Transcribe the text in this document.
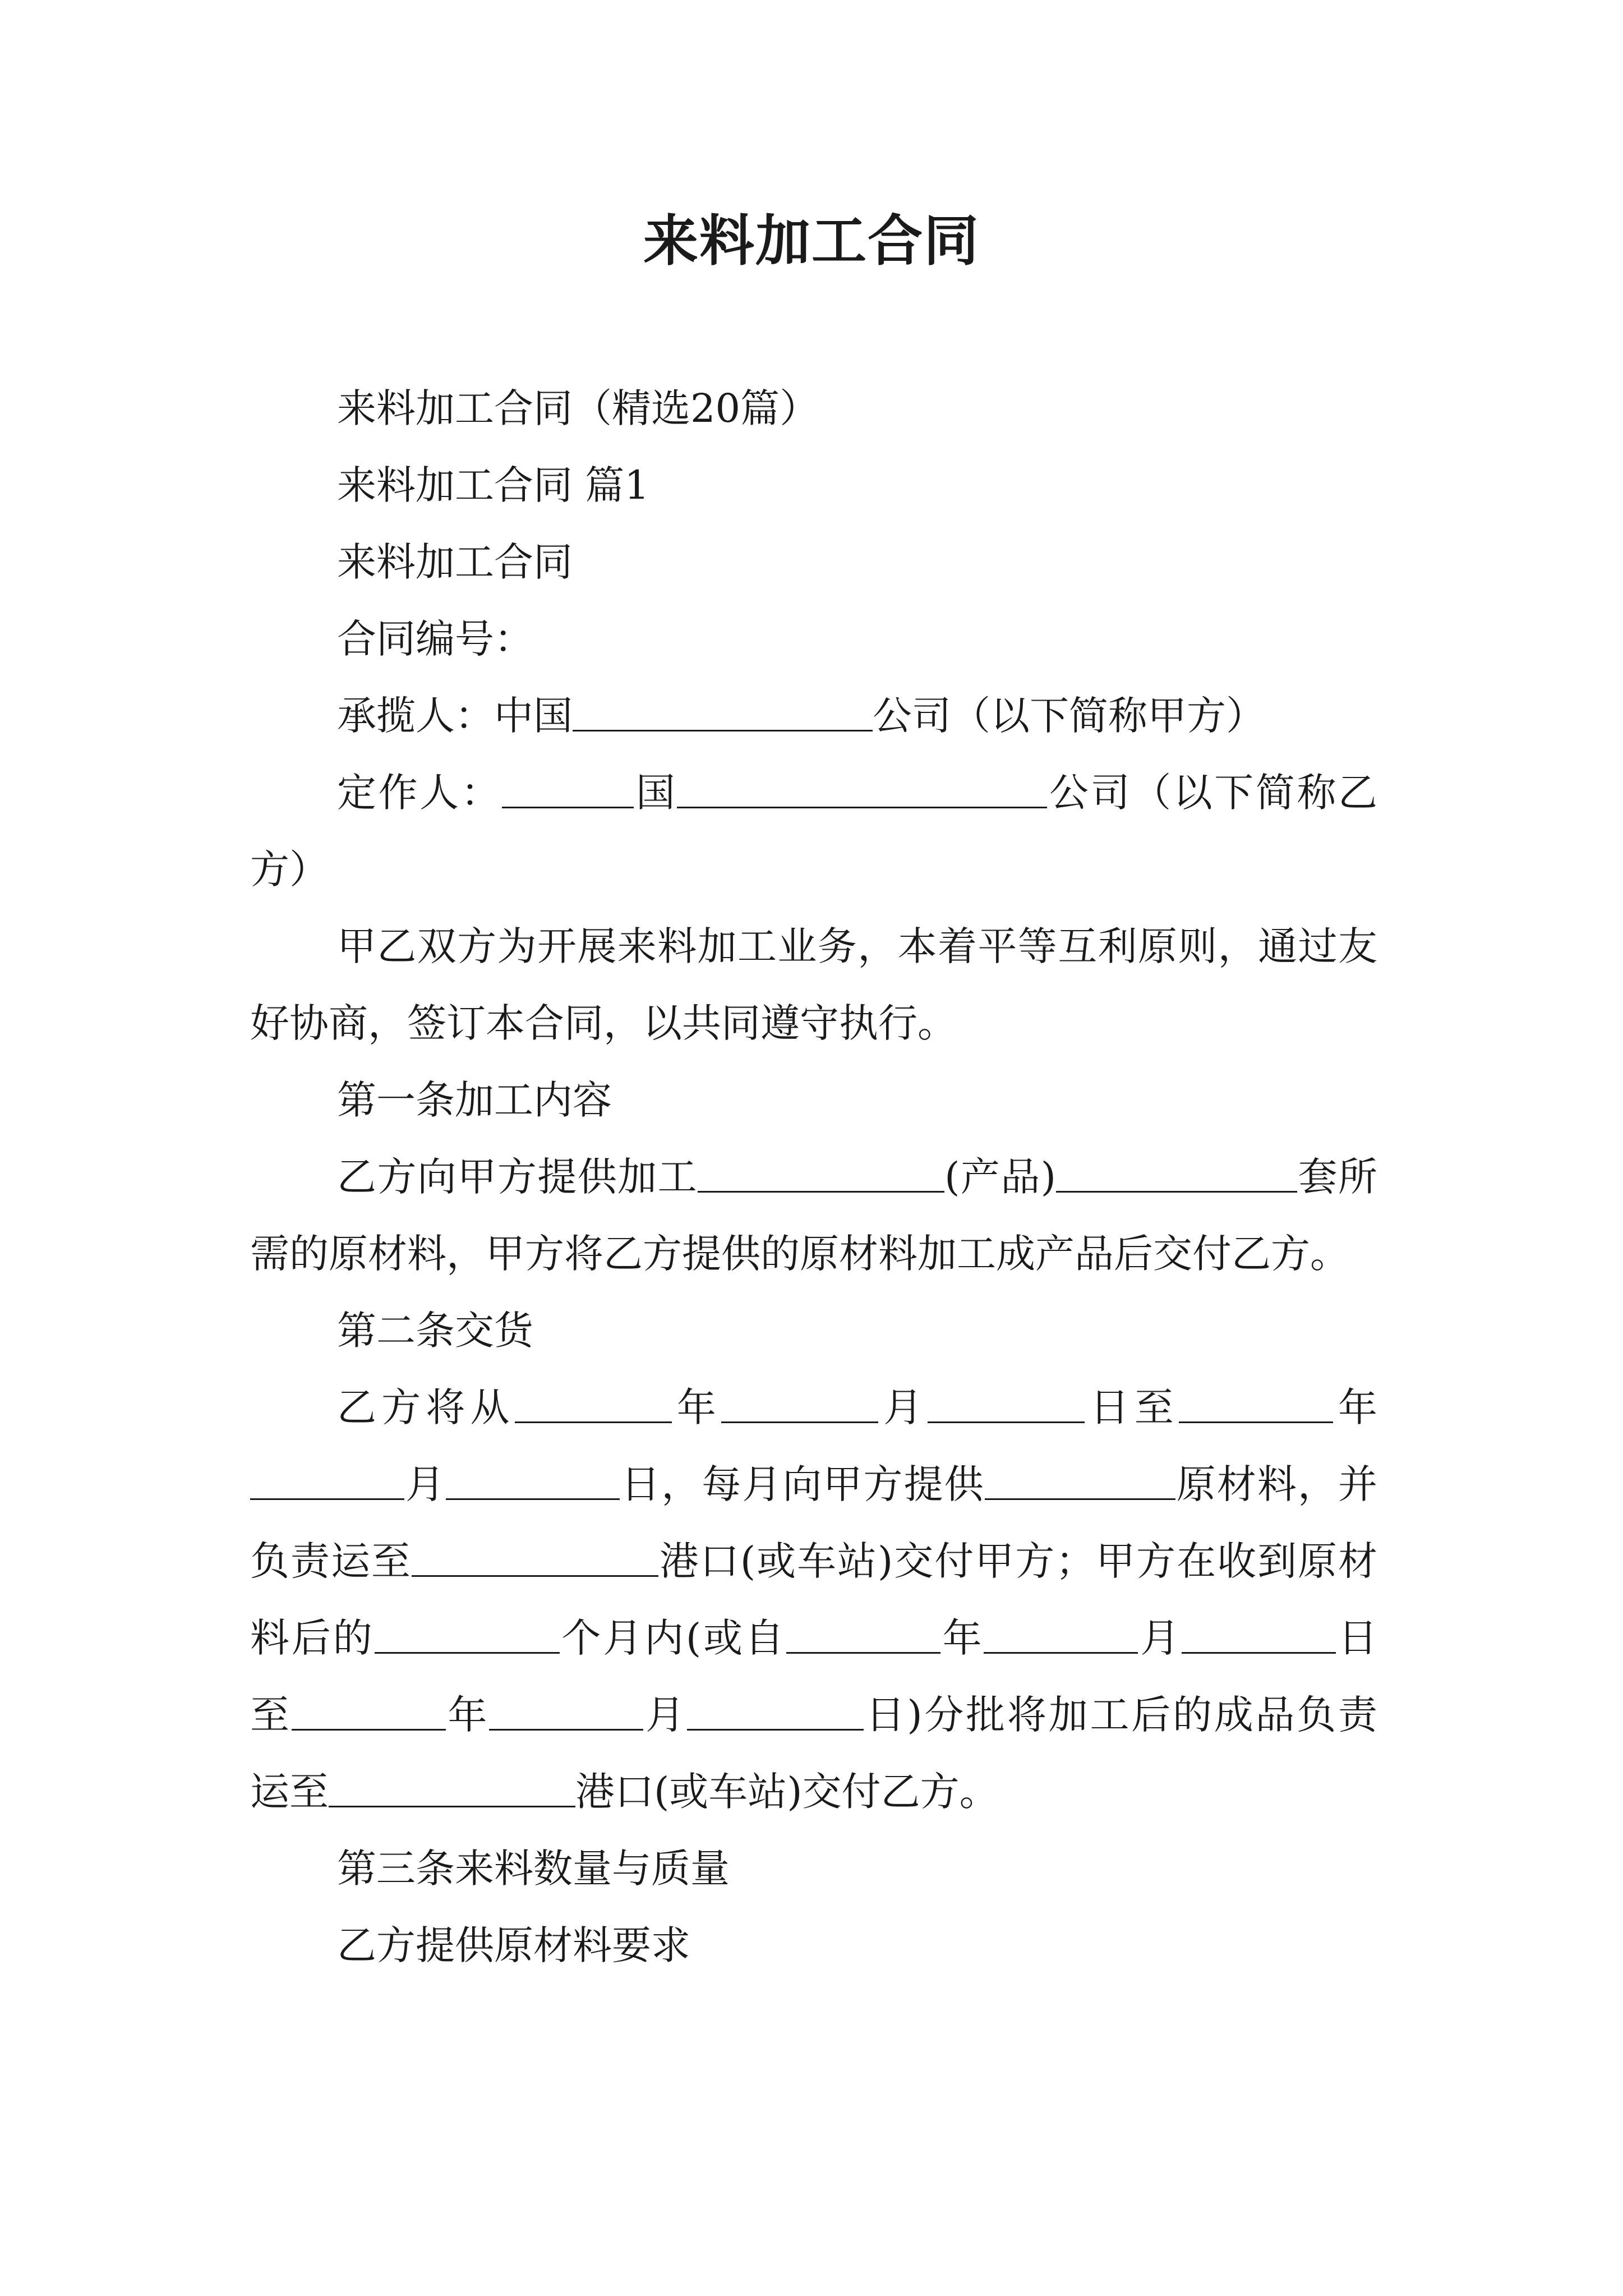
来料加工合同

来料加工合同（精选20篇）

来料加工合同 篇1

来料加工合同

合同编号：

承揽人：中国	公司（以下简称甲方）

定作人：	国	公司（以下简称乙方）

甲乙双方为开展来料加工业务，本着平等互利原则，通过友好协商，签订本合同，以共同遵守执行。

第一条加工内容

乙方向甲方提供加工	(产品)	套所需的原材料，甲方将乙方提供的原材料加工成产品后交付乙方。

第二条交货

乙方将从	年	月	日至	年月	日，每月向甲方提供	原材料，并负责运至	港口(或车站)交付甲方；甲方在收到原材料后的	个月内(或自	年	月	日至	年	月	日)分批将加工后的成品负责运至	港口(或车站)交付乙方。

第三条来料数量与质量

乙方提供原材料要求
